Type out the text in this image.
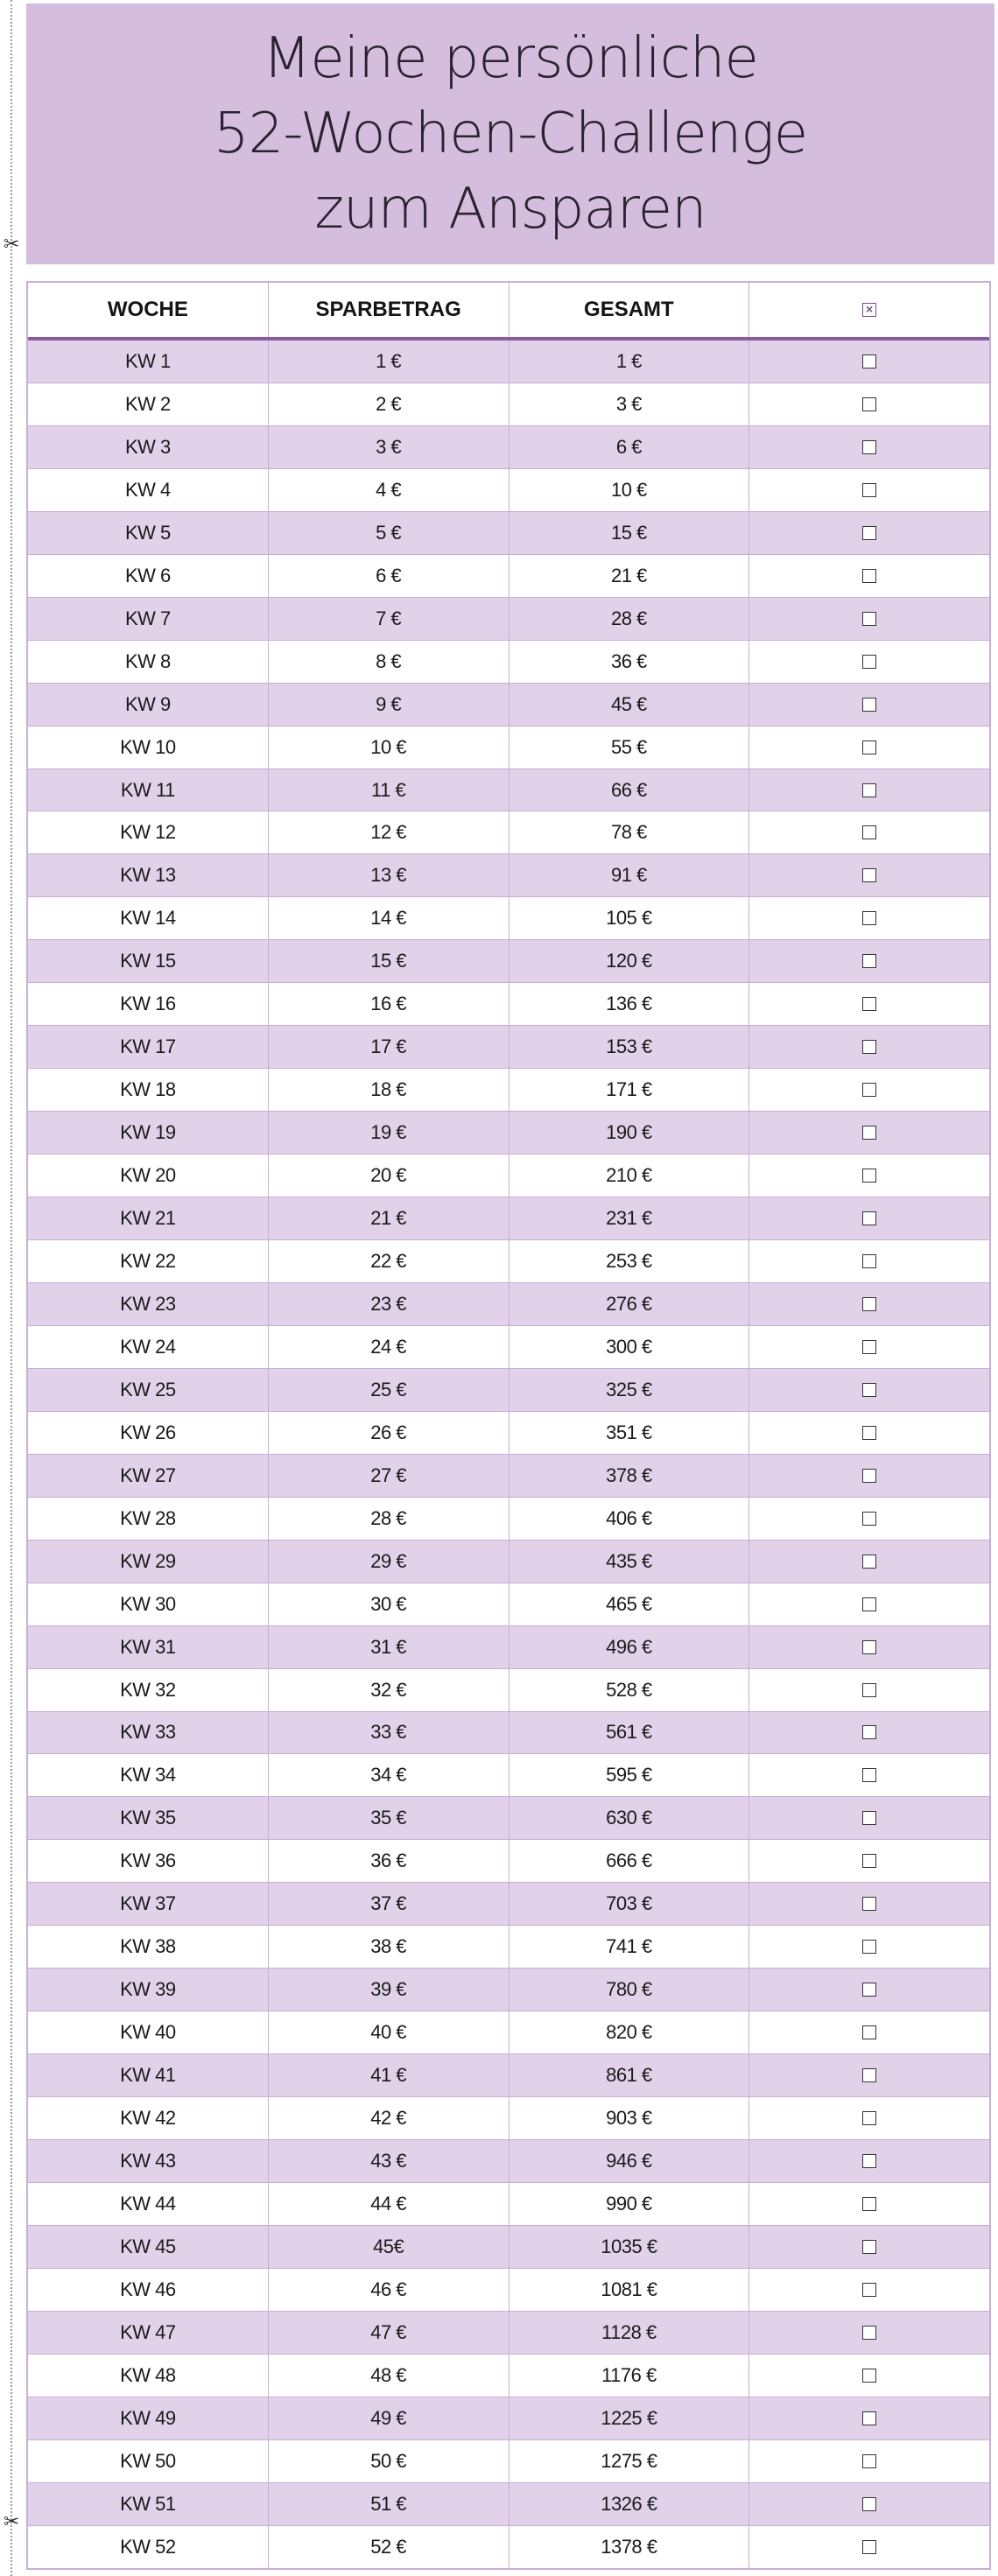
✂
✂
Meine persönliche
52-Wochen-Challenge
zum Ansparen
WOCHE	SPARBETRAG	GESAMT	×
KW 1	1 €	1 €
KW 2	2 €	3 €
KW 3	3 €	6 €
KW 4	4 €	10 €
KW 5	5 €	15 €
KW 6	6 €	21 €
KW 7	7 €	28 €
KW 8	8 €	36 €
KW 9	9 €	45 €
KW 10	10 €	55 €
KW 11	11 €	66 €
KW 12	12 €	78 €
KW 13	13 €	91 €
KW 14	14 €	105 €
KW 15	15 €	120 €
KW 16	16 €	136 €
KW 17	17 €	153 €
KW 18	18 €	171 €
KW 19	19 €	190 €
KW 20	20 €	210 €
KW 21	21 €	231 €
KW 22	22 €	253 €
KW 23	23 €	276 €
KW 24	24 €	300 €
KW 25	25 €	325 €
KW 26	26 €	351 €
KW 27	27 €	378 €
KW 28	28 €	406 €
KW 29	29 €	435 €
KW 30	30 €	465 €
KW 31	31 €	496 €
KW 32	32 €	528 €
KW 33	33 €	561 €
KW 34	34 €	595 €
KW 35	35 €	630 €
KW 36	36 €	666 €
KW 37	37 €	703 €
KW 38	38 €	741 €
KW 39	39 €	780 €
KW 40	40 €	820 €
KW 41	41 €	861 €
KW 42	42 €	903 €
KW 43	43 €	946 €
KW 44	44 €	990 €
KW 45	45€	1035 €
KW 46	46 €	1081 €
KW 47	47 €	1128 €
KW 48	48 €	1176 €
KW 49	49 €	1225 €
KW 50	50 €	1275 €
KW 51	51 €	1326 €
KW 52	52 €	1378 €
